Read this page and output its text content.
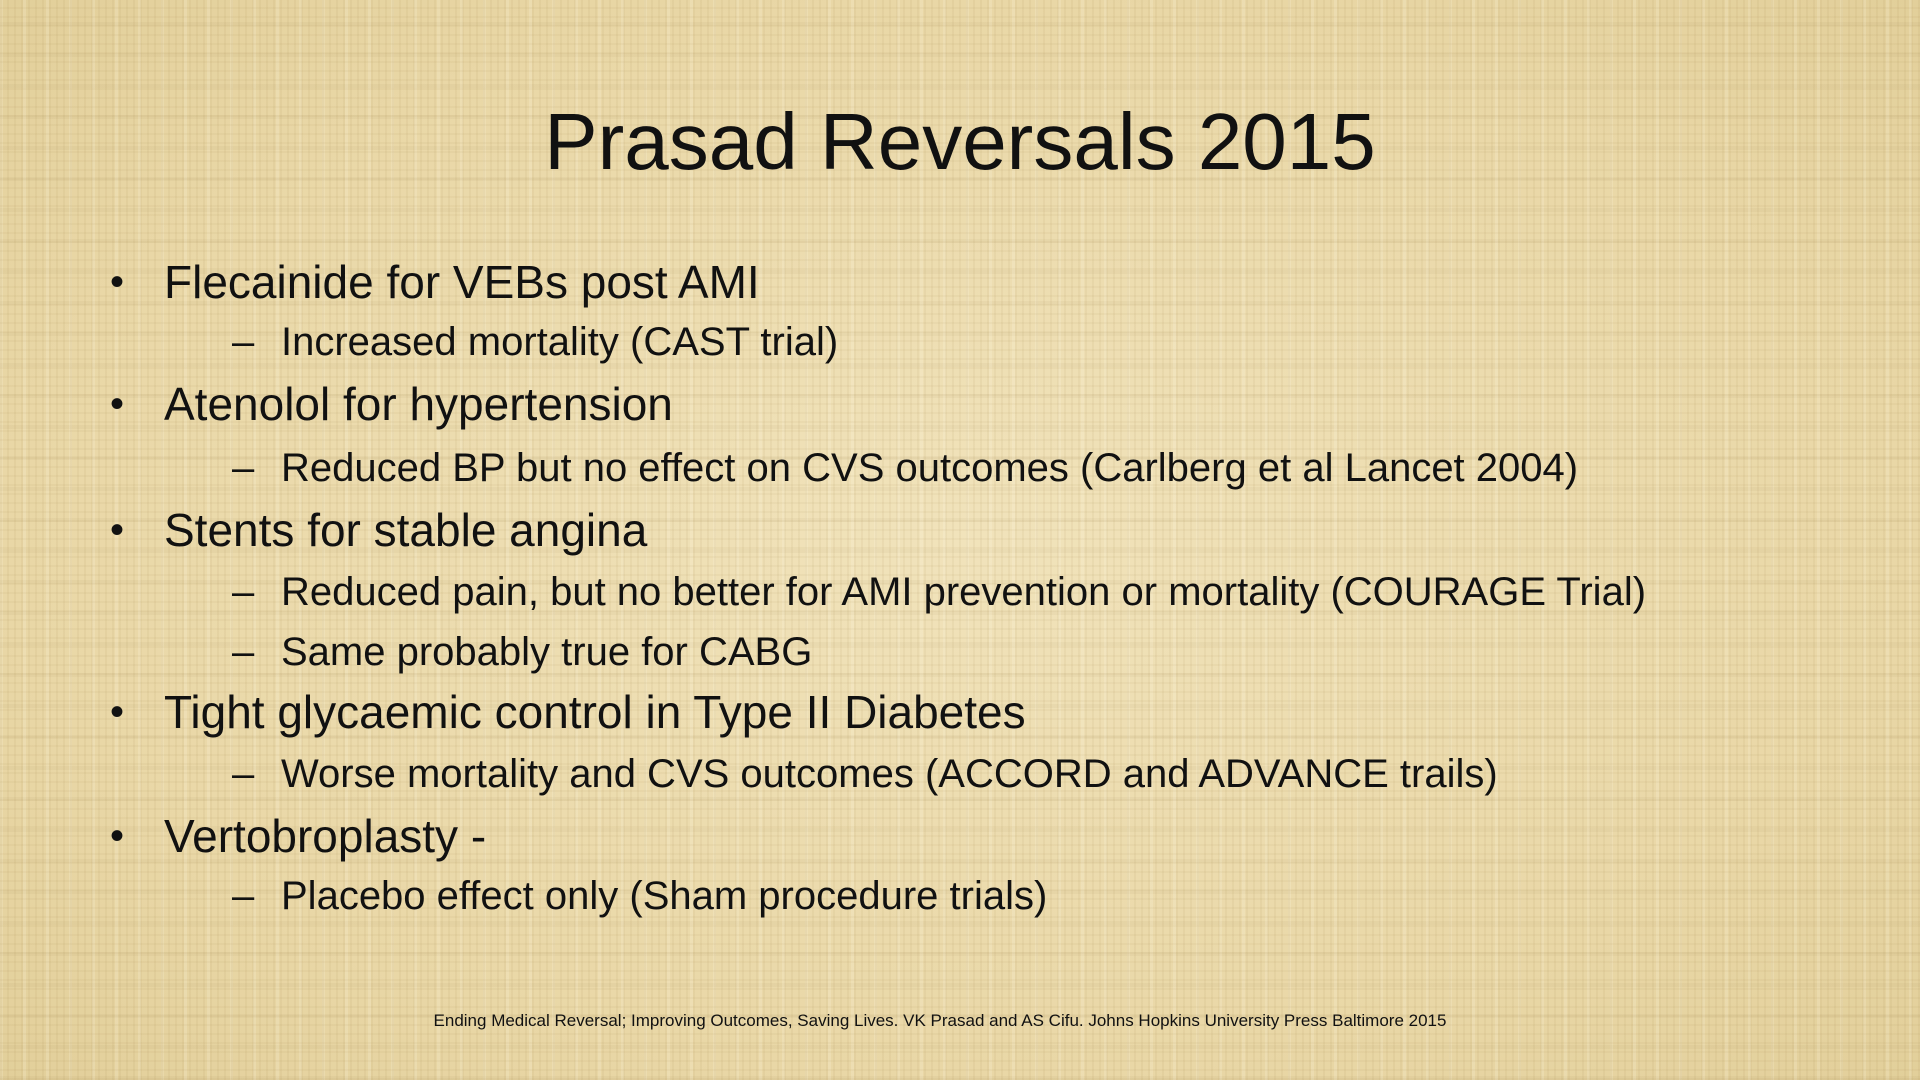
Prasad Reversals 2015
• Flecainide for VEBs post AMI
– Increased mortality (CAST trial)
• Atenolol for hypertension
– Reduced BP but no effect on CVS outcomes (Carlberg et al Lancet 2004)
• Stents for stable angina
– Reduced pain, but no better for AMI prevention or mortality (COURAGE Trial)
– Same probably true for CABG
• Tight glycaemic control in Type II Diabetes
– Worse mortality and CVS outcomes (ACCORD and ADVANCE trails)
• Vertobroplasty -
– Placebo effect only (Sham procedure trials)
Ending Medical Reversal; Improving Outcomes, Saving Lives. VK Prasad and AS Cifu. Johns Hopkins University Press Baltimore 2015
